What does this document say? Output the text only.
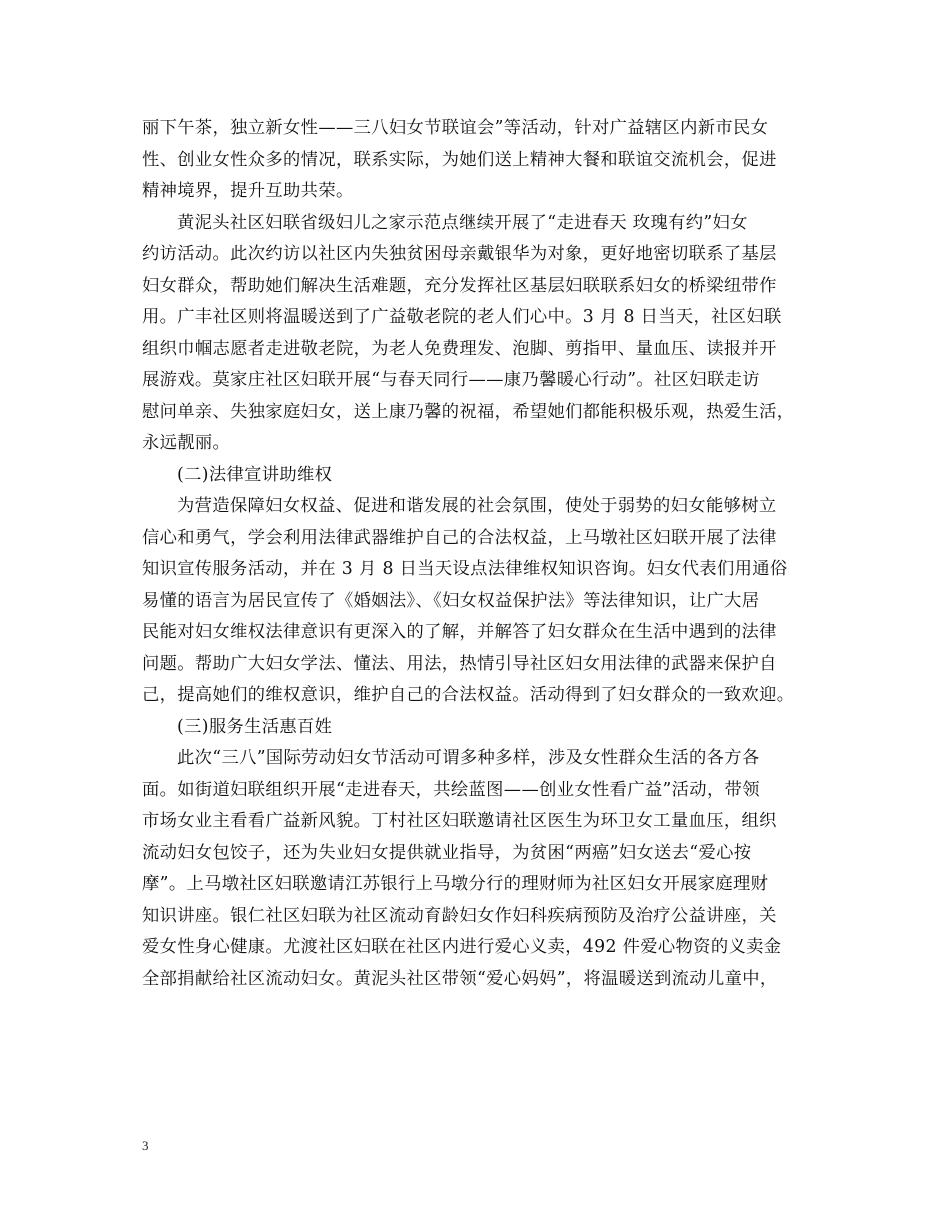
丽下午茶，独立新女性——三八妇女节联谊会”等活动，针对广益辖区内新市民女
性、创业女性众多的情况，联系实际，为她们送上精神大餐和联谊交流机会，促进
精神境界，提升互助共荣。

黄泥头社区妇联省级妇儿之家示范点继续开展了“走进春天 玫瑰有约”妇女
约访活动。此次约访以社区内失独贫困母亲戴银华为对象，更好地密切联系了基层
妇女群众，帮助她们解决生活难题，充分发挥社区基层妇联联系妇女的桥梁纽带作
用。广丰社区则将温暖送到了广益敬老院的老人们心中。3 月 8 日当天，社区妇联
组织巾帼志愿者走进敬老院，为老人免费理发、泡脚、剪指甲、量血压、读报并开
展游戏。莫家庄社区妇联开展“与春天同行——康乃馨暖心行动”。社区妇联走访
慰问单亲、失独家庭妇女，送上康乃馨的祝福，希望她们都能积极乐观，热爱生活，
永远靓丽。

(二)法律宣讲助维权

为营造保障妇女权益、促进和谐发展的社会氛围，使处于弱势的妇女能够树立
信心和勇气，学会利用法律武器维护自己的合法权益，上马墩社区妇联开展了法律
知识宣传服务活动，并在 3 月 8 日当天设点法律维权知识咨询。妇女代表们用通俗
易懂的语言为居民宣传了《婚姻法》、《妇女权益保护法》等法律知识，让广大居
民能对妇女维权法律意识有更深入的了解，并解答了妇女群众在生活中遇到的法律
问题。帮助广大妇女学法、懂法、用法，热情引导社区妇女用法律的武器来保护自
己，提高她们的维权意识，维护自己的合法权益。活动得到了妇女群众的一致欢迎。

(三)服务生活惠百姓

此次“三八”国际劳动妇女节活动可谓多种多样，涉及女性群众生活的各方各
面。如街道妇联组织开展“走进春天，共绘蓝图——创业女性看广益”活动，带领
市场女业主看看广益新风貌。丁村社区妇联邀请社区医生为环卫女工量血压，组织
流动妇女包饺子，还为失业妇女提供就业指导，为贫困“两癌”妇女送去“爱心按
摩”。上马墩社区妇联邀请江苏银行上马墩分行的理财师为社区妇女开展家庭理财
知识讲座。银仁社区妇联为社区流动育龄妇女作妇科疾病预防及治疗公益讲座，关
爱女性身心健康。尤渡社区妇联在社区内进行爱心义卖，492 件爱心物资的义卖金
全部捐献给社区流动妇女。黄泥头社区带领“爱心妈妈”，将温暖送到流动儿童中，

3
